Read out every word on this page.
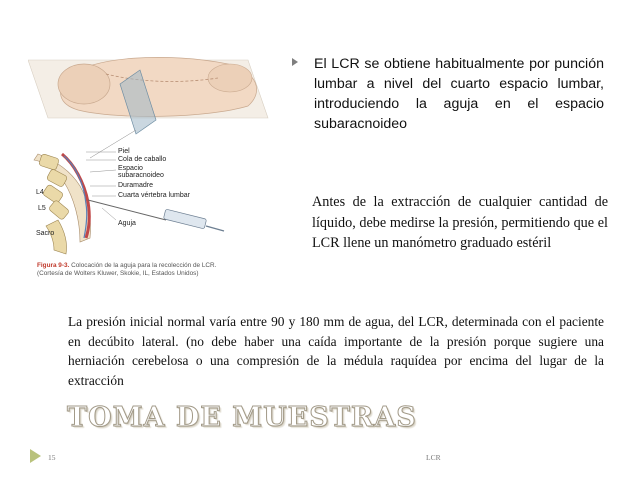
Piel
Cola de caballo
Espacio subaracnoideo
Duramadre
Cuarta vértebra lumbar
Aguja
Sacro
L4
L5
Figura 9-3. Colocación de la aguja para la recolección de LCR.
(Cortesía de Wolters Kluwer, Skokie, IL, Estados Unidos)
El LCR se obtiene habitualmente por punción lumbar a nivel del cuarto espacio lumbar, introduciendo la aguja en el espacio subaracnoideo
Antes de la extracción de cualquier cantidad de líquido, debe medirse la presión, permitiendo que el LCR llene un manómetro graduado estéril
La presión inicial normal varía entre 90 y 180 mm de agua, del LCR, determinada con el paciente en decúbito lateral. (no debe haber una caída importante de la presión porque sugiere una herniación cerebelosa o una compresión de la médula raquídea por encima del lugar de la extracción
TOMA DE MUESTRAS
15	LCR
